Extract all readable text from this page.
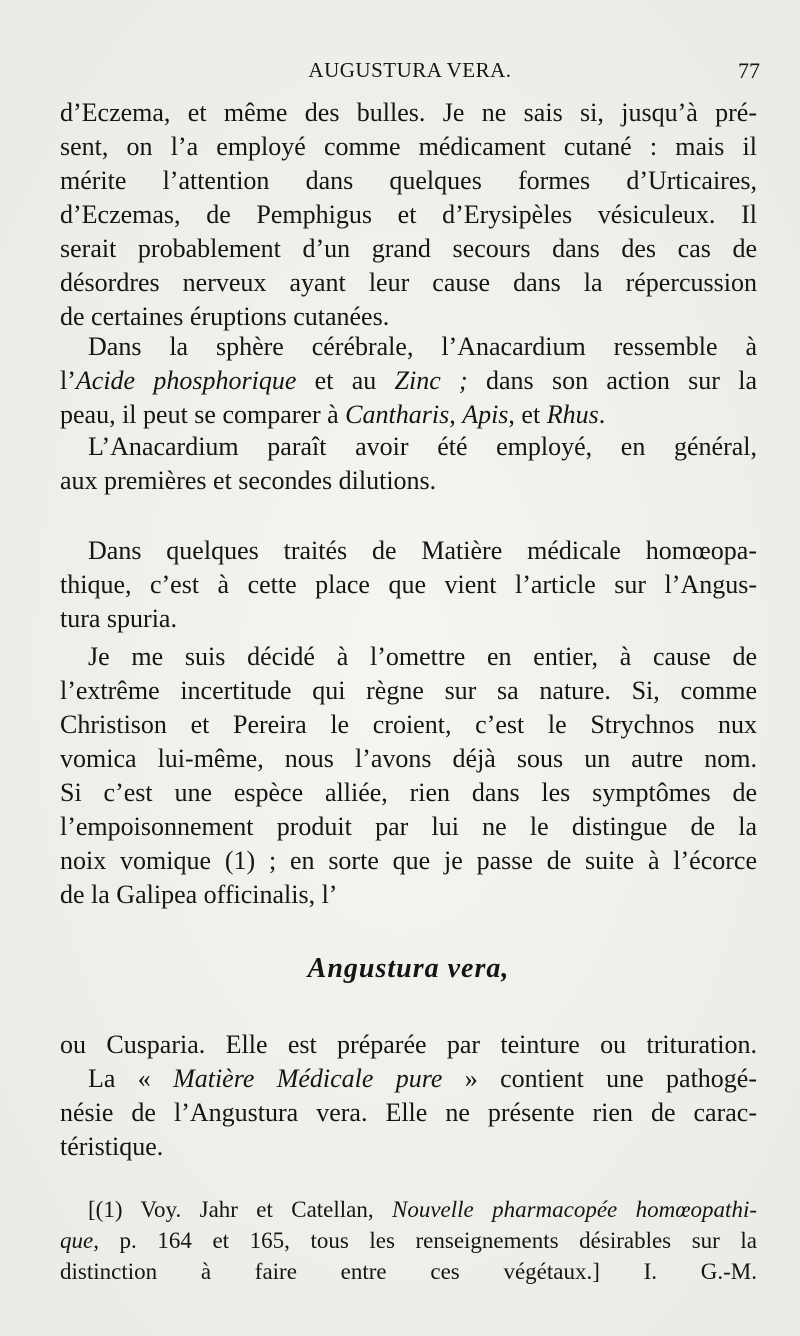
AUGUSTURA VERA.	77
d’Eczema, et même des bulles. Je ne sais si, jusqu’à pré-
sent, on l’a employé comme médicament cutané : mais il
mérite l’attention dans quelques formes d’Urticaires,
d’Eczemas, de Pemphigus et d’Erysipèles vésiculeux. Il
serait probablement d’un grand secours dans des cas de
désordres nerveux ayant leur cause dans la répercussion
de certaines éruptions cutanées.
Dans la sphère cérébrale, l’Anacardium ressemble à
l’Acide phosphorique et au Zinc ; dans son action sur la
peau, il peut se comparer à Cantharis, Apis, et Rhus.
L’Anacardium paraît avoir été employé, en général,
aux premières et secondes dilutions.
Dans quelques traités de Matière médicale homœopa-
thique, c’est à cette place que vient l’article sur l’Angus-
tura spuria.
Je me suis décidé à l’omettre en entier, à cause de
l’extrême incertitude qui règne sur sa nature. Si, comme
Christison et Pereira le croient, c’est le Strychnos nux
vomica lui-même, nous l’avons déjà sous un autre nom.
Si c’est une espèce alliée, rien dans les symptômes de
l’empoisonnement produit par lui ne le distingue de la
noix vomique (1) ; en sorte que je passe de suite à l’écorce
de la Galipea officinalis, l’
Angustura vera,
ou Cusparia. Elle est préparée par teinture ou trituration.
La « Matière Médicale pure » contient une pathogé-
nésie de l’Angustura vera. Elle ne présente rien de carac-
téristique.
[(1) Voy. Jahr et Catellan, Nouvelle pharmacopée homœopathi-
que, p. 164 et 165, tous les renseignements désirables sur la
distinction à faire entre ces végétaux.] I. G.-M.
